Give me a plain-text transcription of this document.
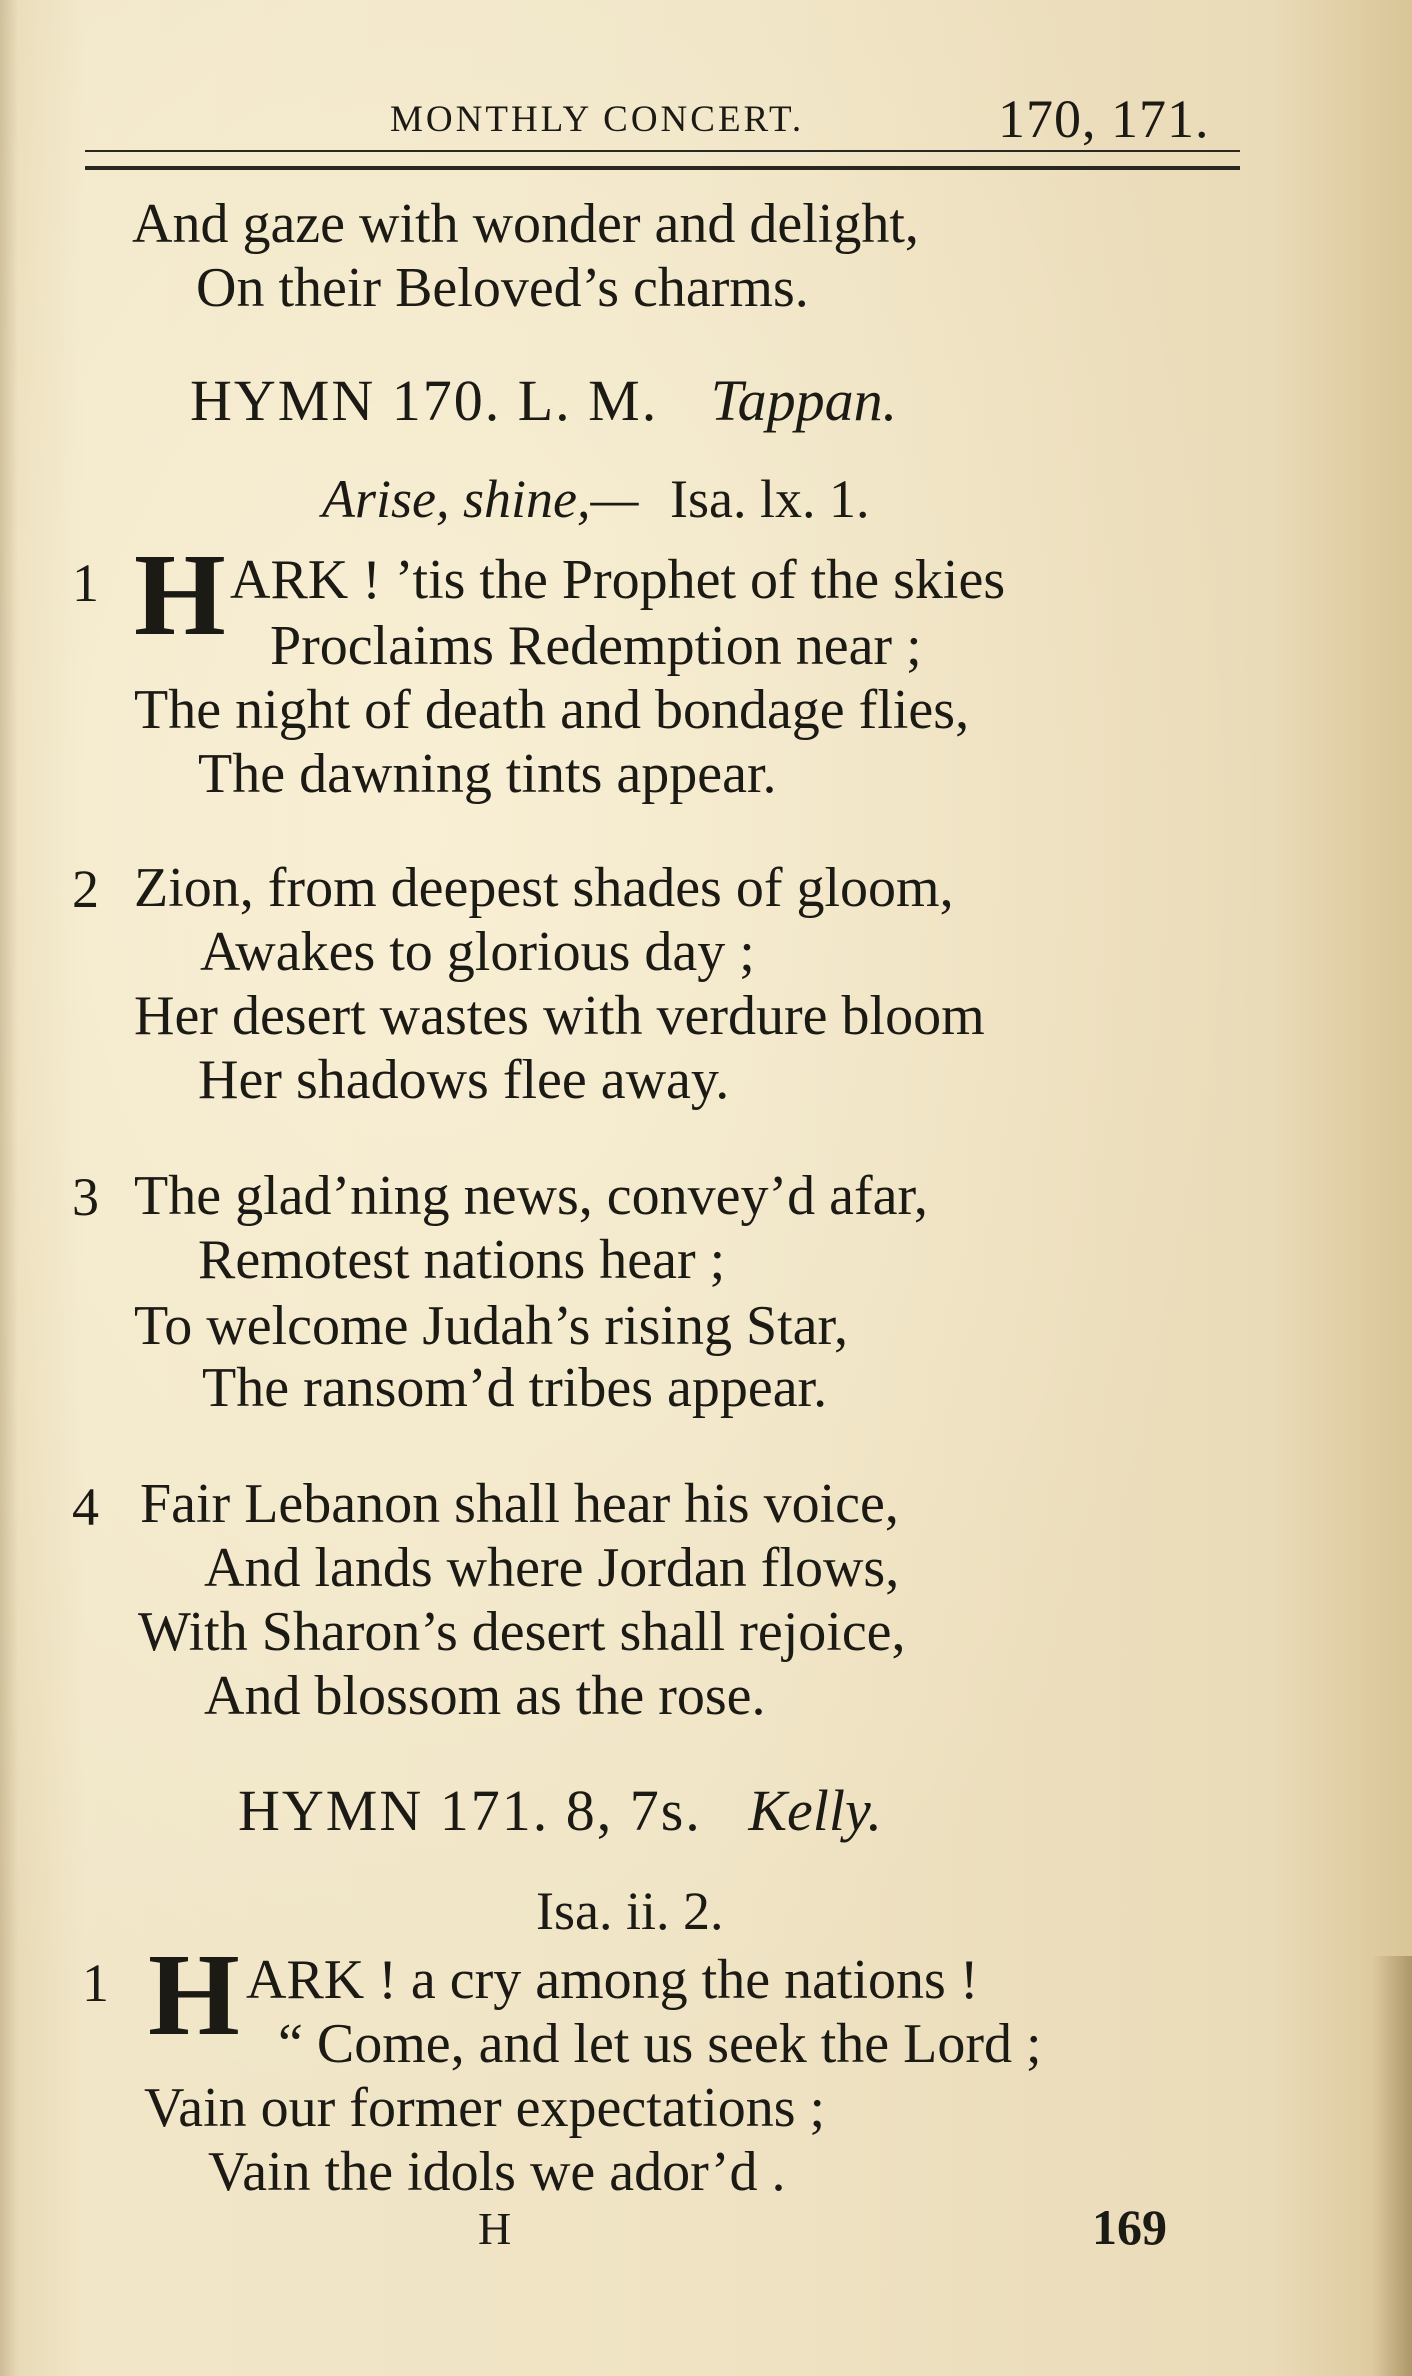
MONTHLY CONCERT.	170, 171.
And gaze with wonder and delight,
On their Beloved’s charms.
HYMN 170. L. M. Tappan.
Arise, shine,— Isa. lx. 1.
1 H ARK ! ’tis the Prophet of the skies
Proclaims Redemption near ;
The night of death and bondage flies,
The dawning tints appear.
2 Zion, from deepest shades of gloom,
Awakes to glorious day ;
Her desert wastes with verdure bloom
Her shadows flee away.
3 The glad’ning news, convey’d afar,
Remotest nations hear ;
To welcome Judah’s rising Star,
The ransom’d tribes appear.
4 Fair Lebanon shall hear his voice,
And lands where Jordan flows,
With Sharon’s desert shall rejoice,
And blossom as the rose.
HYMN 171. 8, 7s. Kelly.
Isa. ii. 2.
1 H ARK ! a cry among the nations !
“ Come, and let us seek the Lord ;
Vain our former expectations ;
Vain the idols we ador’d .
H	169
